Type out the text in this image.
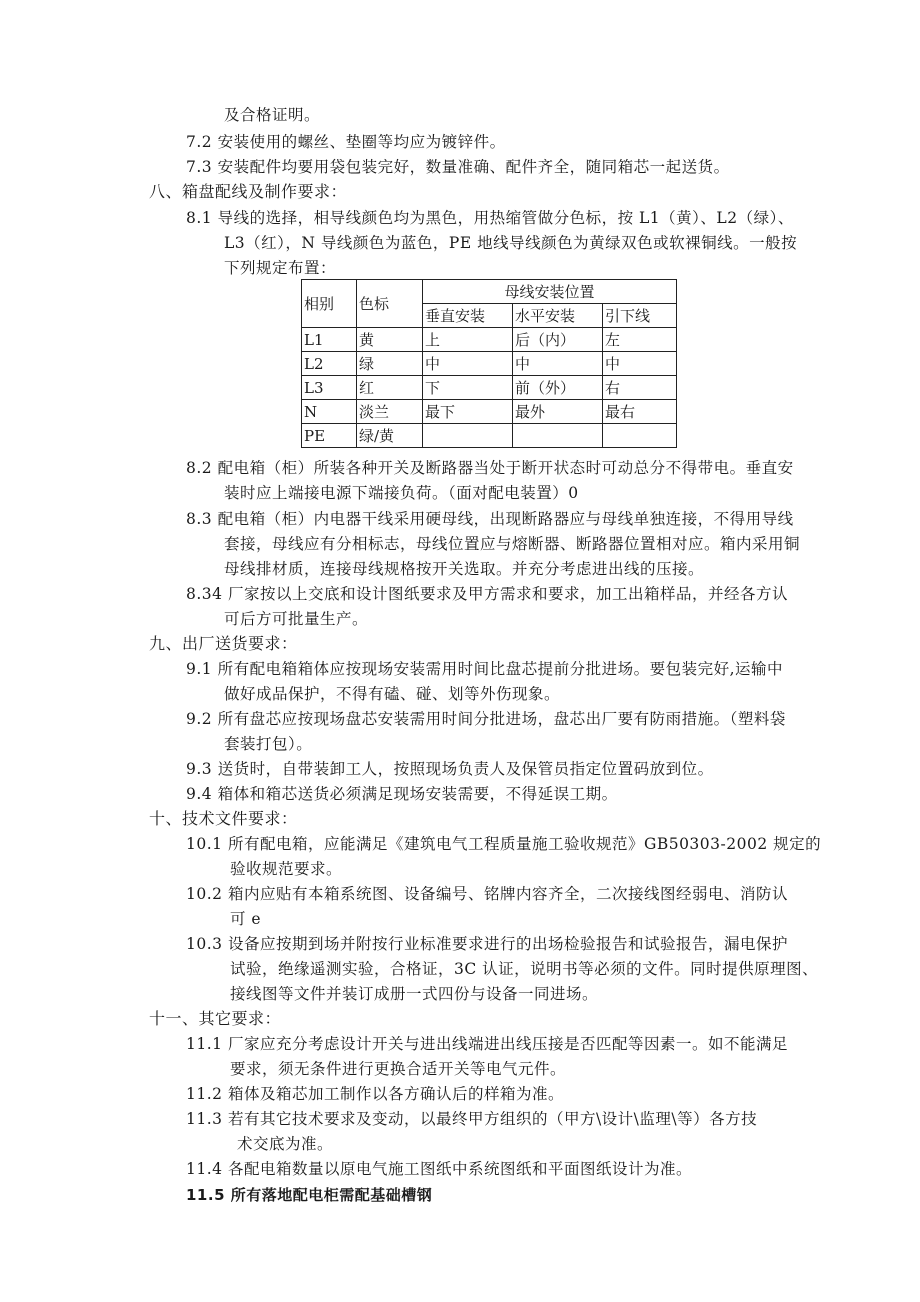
及合格证明。
7.2 安装使用的螺丝、垫圈等均应为镀锌件。
7.3 安装配件均要用袋包装完好，数量准确、配件齐全，随同箱芯一起送货。
八、箱盘配线及制作要求：
8.1 导线的选择，相导线颜色均为黑色，用热缩管做分色标，按 L1（黄）、L2（绿）、
L3（红），N 导线颜色为蓝色，PE 地线导线颜色为黄绿双色或软裸铜线。一般按
下列规定布置：
相别	色标	母线安装位置		
		垂直安装	水平安装	引下线
L1	黄	上	后（内）	左
L2	绿	中	中	中
L3	红	下	前（外）	右
N	淡兰	最下	最外	最右
PE	绿/黄			
8.2 配电箱（柜）所装各种开关及断路器当处于断开状态时可动总分不得带电。垂直安
装时应上端接电源下端接负荷。（面对配电装置）0
8.3 配电箱（柜）内电器干线采用硬母线，出现断路器应与母线单独连接，不得用导线
套接，母线应有分相标志，母线位置应与熔断器、断路器位置相对应。箱内采用铜
母线排材质，连接母线规格按开关选取。并充分考虑进出线的压接。
8.34 厂家按以上交底和设计图纸要求及甲方需求和要求，加工出箱样品，并经各方认
可后方可批量生产。
九、出厂送货要求：
9.1 所有配电箱箱体应按现场安装需用时间比盘芯提前分批进场。要包装完好,运输中
做好成品保护，不得有磕、碰、划等外伤现象。
9.2 所有盘芯应按现场盘芯安装需用时间分批进场，盘芯出厂要有防雨措施。（塑料袋
套装打包）。
9.3 送货时，自带装卸工人，按照现场负责人及保管员指定位置码放到位。
9.4 箱体和箱芯送货必须满足现场安装需要，不得延误工期。
十、技术文件要求：
10.1 所有配电箱，应能满足《建筑电气工程质量施工验收规范》GB50303-2002 规定的
验收规范要求。
10.2 箱内应贴有本箱系统图、设备编号、铭牌内容齐全，二次接线图经弱电、消防认
可 e
10.3 设备应按期到场并附按行业标准要求进行的出场检验报告和试验报告，漏电保护
试验，绝缘遥测实验，合格证，3C 认证，说明书等必须的文件。同时提供原理图、
接线图等文件并装订成册一式四份与设备一同进场。
十一、其它要求：
11.1 厂家应充分考虑设计开关与进出线端进出线压接是否匹配等因素一。如不能满足
要求，须无条件进行更换合适开关等电气元件。
11.2 箱体及箱芯加工制作以各方确认后的样箱为准。
11.3 若有其它技术要求及变动，以最终甲方组织的（甲方\设计\监理\等）各方技
术交底为准。
11.4 各配电箱数量以原电气施工图纸中系统图纸和平面图纸设计为准。
11.5 所有落地配电柜需配基础槽钢
